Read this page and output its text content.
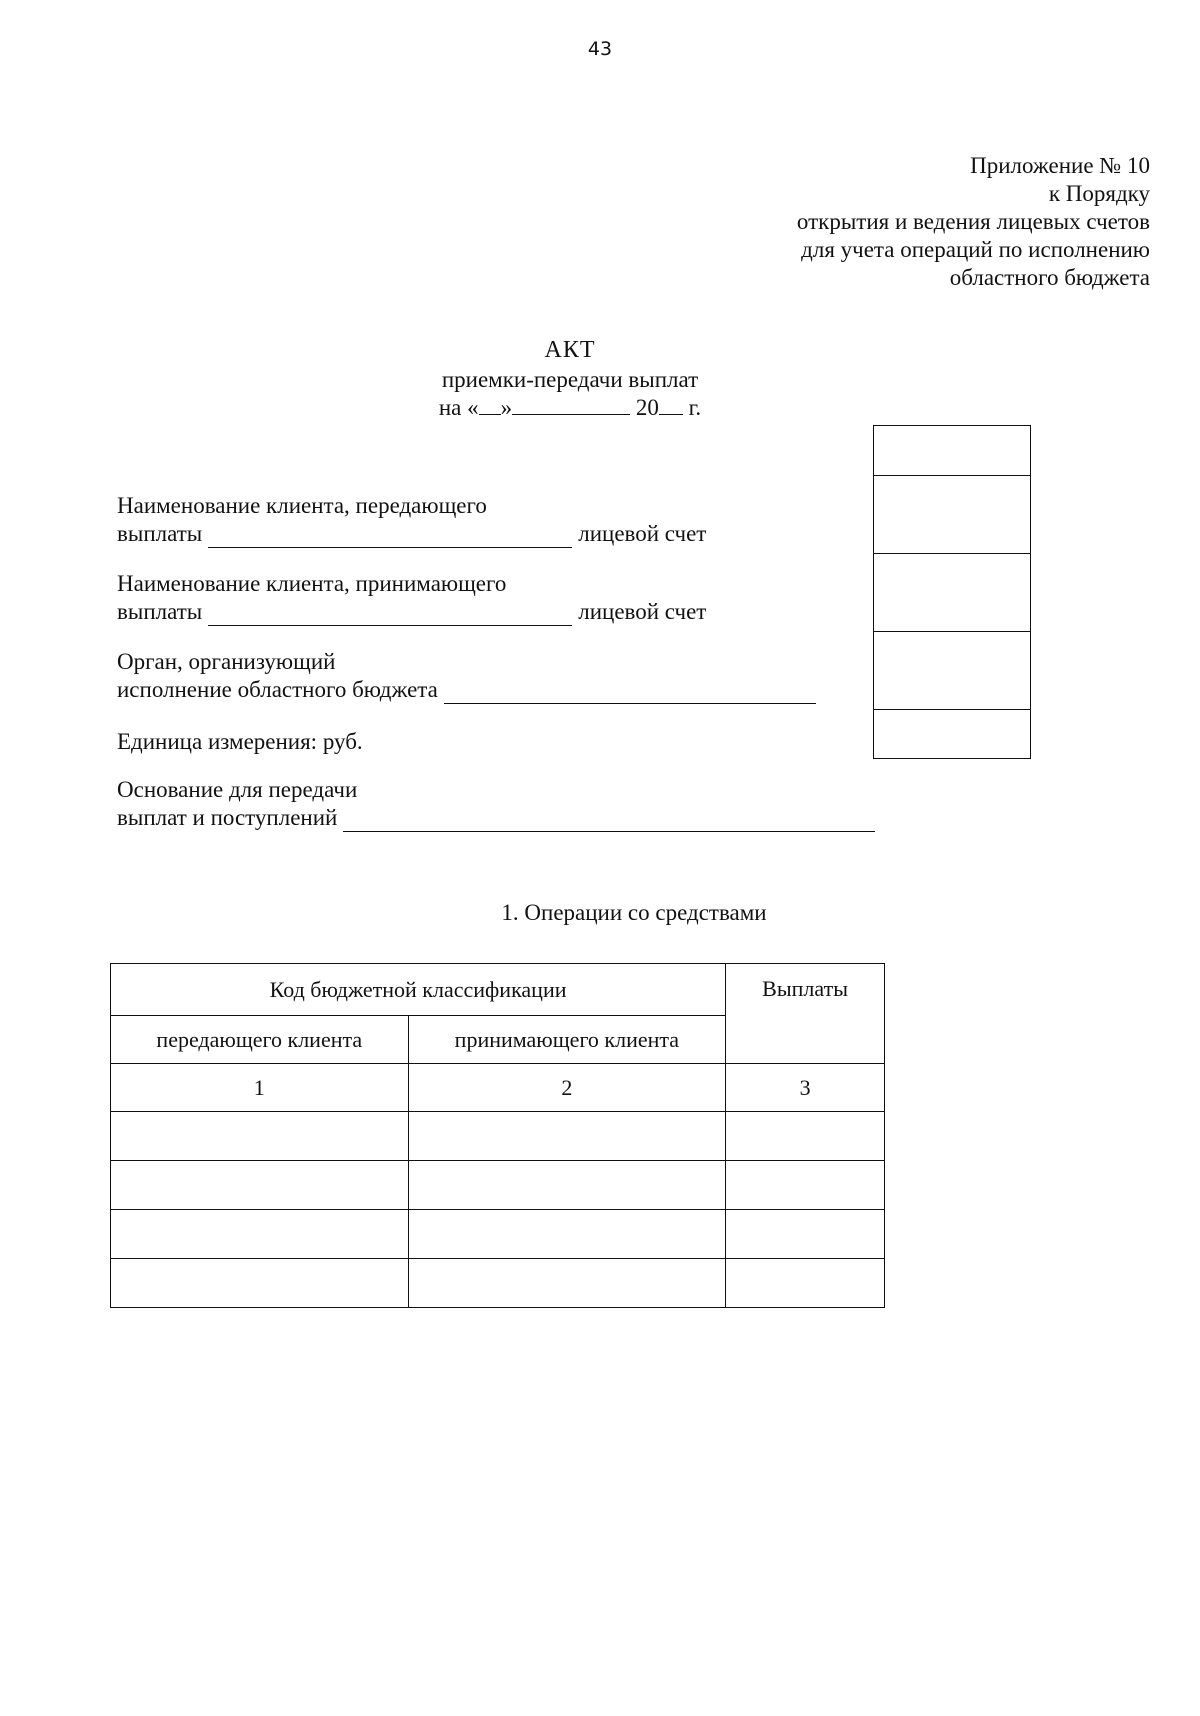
43
Приложение № 10
к Порядку
открытия и ведения лицевых счетов
для учета операций по исполнению
областного бюджета
АКТ
приемки-передачи выплат
на « »	20 г.
Наименование клиента, передающего
выплаты	лицевой счет
Наименование клиента, принимающего
выплаты	лицевой счет
Орган, организующий
исполнение областного бюджета
Единица измерения: руб.
Основание для передачи
выплат и поступлений
1. Операции со средствами
Код бюджетной классификации		Выплаты
передающего клиента	принимающего клиента	
1	2	3
